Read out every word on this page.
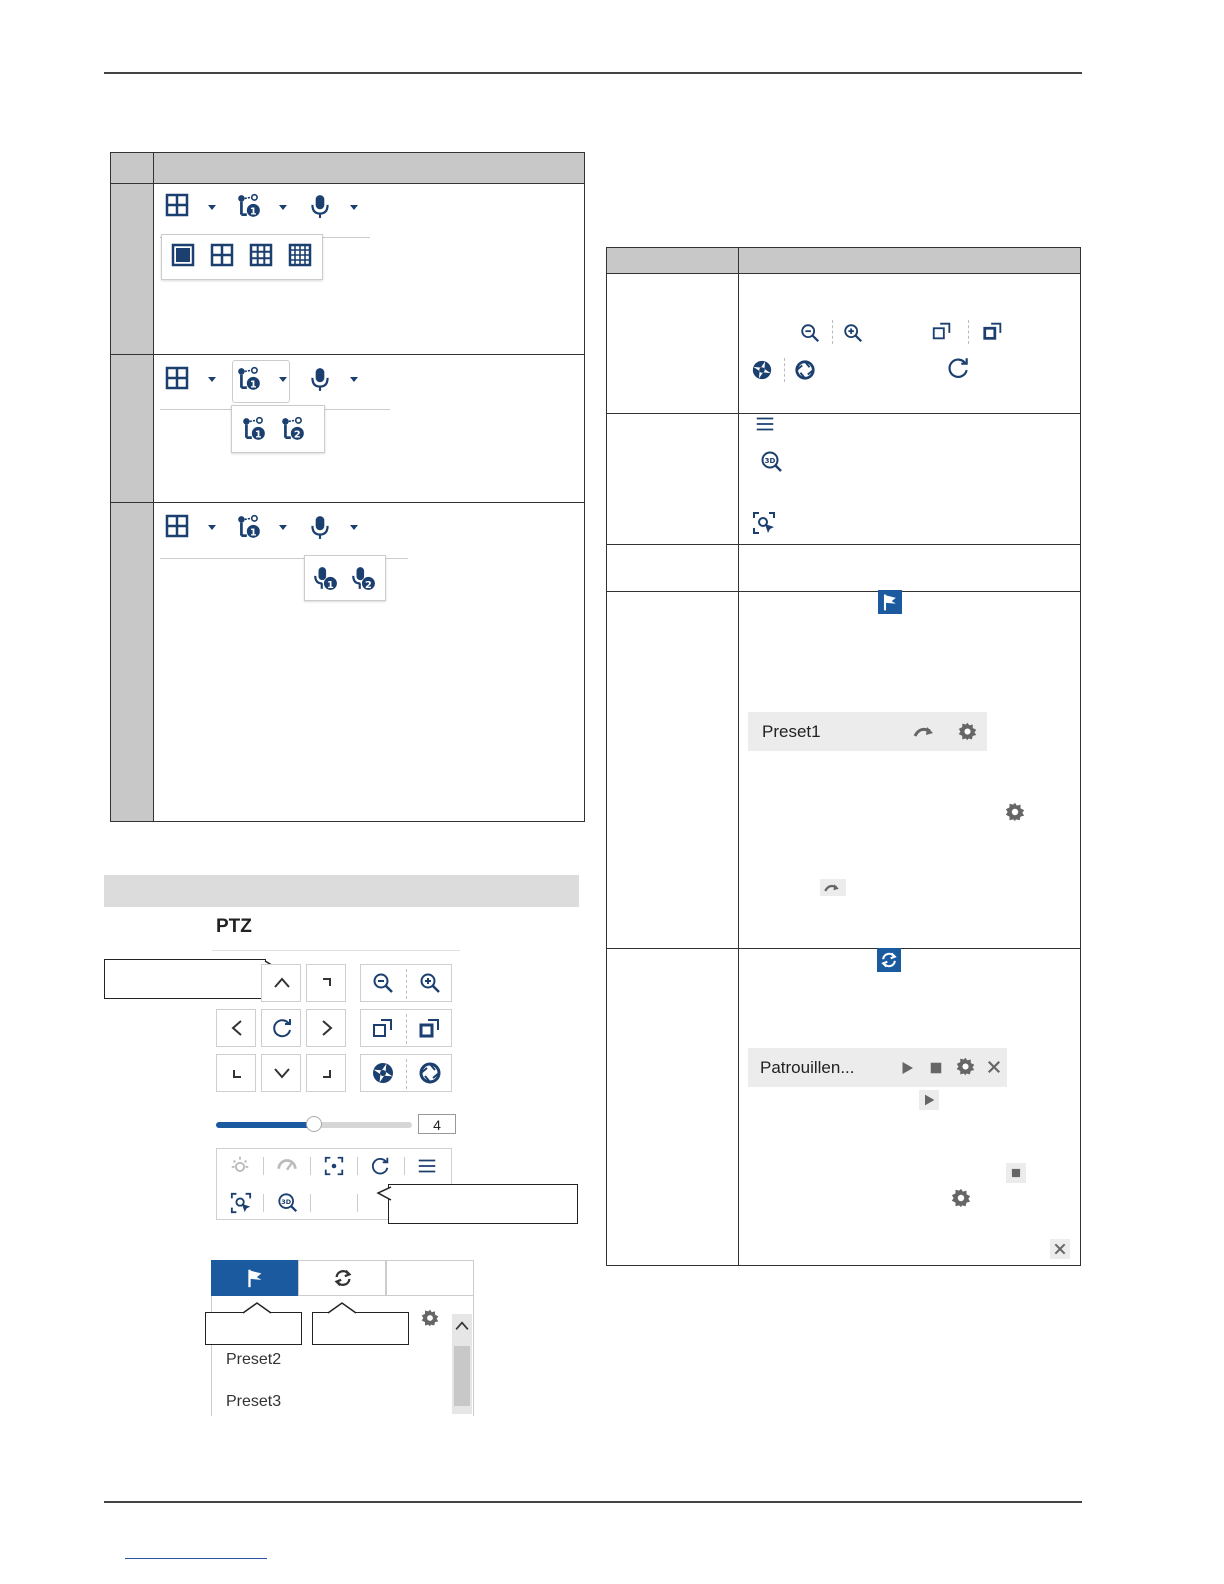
PTZ
4
Preset2
Preset3
Preset1
Patrouillen...
